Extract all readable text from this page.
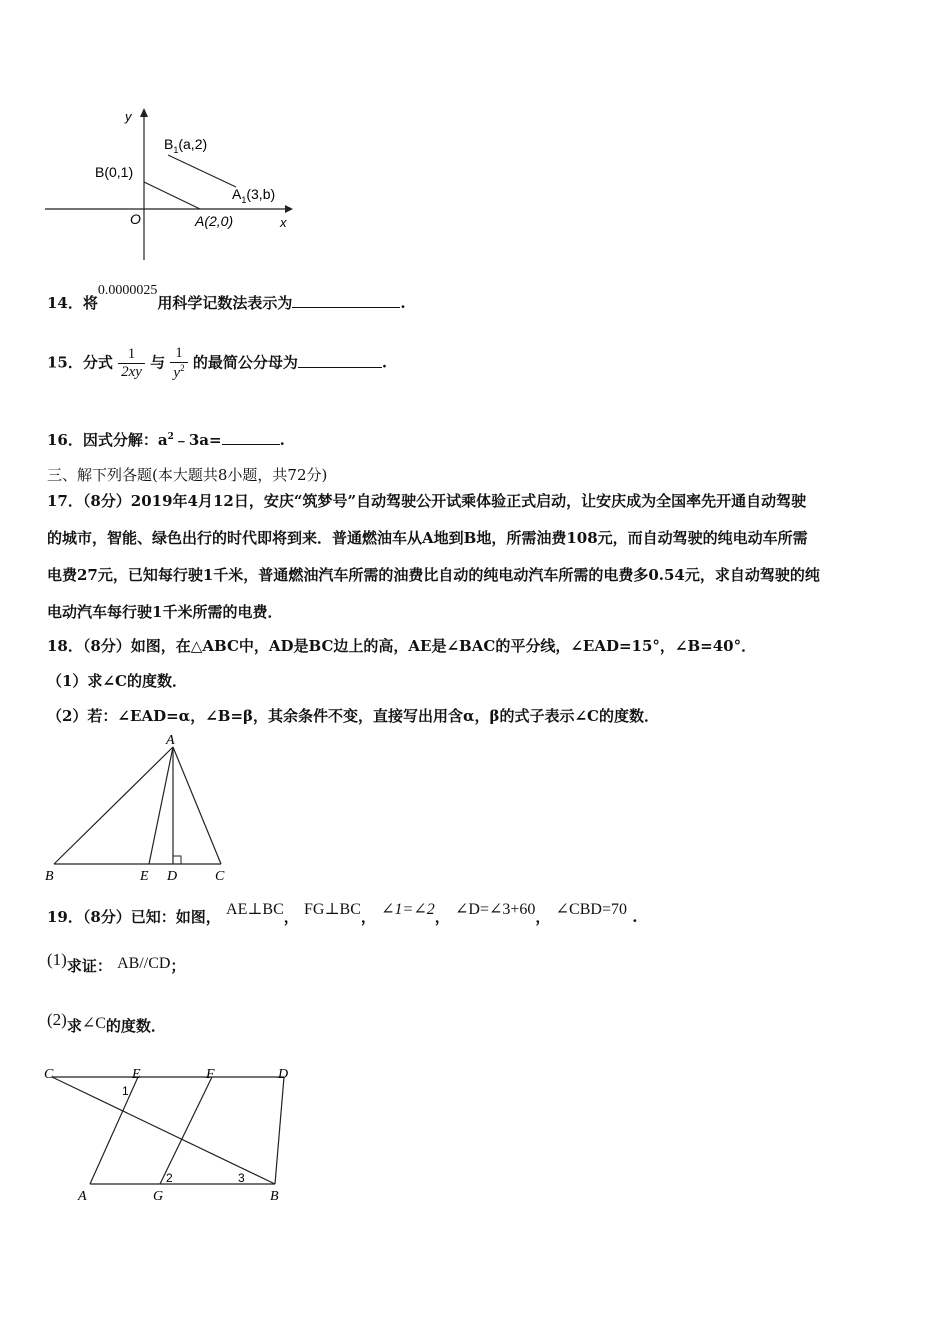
y
x
O
B(0,1)
A(2,0)
$B_1(a,2)$
$A_1(3,b)$
14．将0.0000025用科学记数法表示为	.
15．分式 $\frac{1}{2xy}$ 与 $\frac{1}{y^2}$ 的最简公分母为	.
16．因式分解：$a^2﹣3a=$	.
三、解下列各题(本大题共8小题，共72分)
17．（8分）2019年4月12日，安庆“筑梦号”自动驾驶公开试乘体验正式启动，让安庆成为全国率先开通自动驾驶
的城市，智能、绿色出行的时代即将到来．普通燃油车从A地到B地，所需油费108元，而自动驾驶的纯电动车所需
电费27元，已知每行驶1千米，普通燃油汽车所需的油费比自动的纯电动汽车所需的电费多0.54元，求自动驾驶的纯
电动汽车每行驶1千米所需的电费．
18．（8分）如图，在△ABC中，AD是BC边上的高，AE是∠BAC的平分线，∠EAD=15°，∠B=40°．
（1）求∠C的度数．
（2）若：∠EAD=α，∠B=β，其余条件不变，直接写出用含α，β的式子表示∠C的度数．
A
B	E D	C
19．（8分）已知：如图， AE⊥BC， FG⊥BC， ∠1=∠2， ∠D=∠3+60， ∠CBD=70 .
(1)求证： AB//CD；
(2)求∠C的度数．
C	E	F	D
A	G	B
1
2	3
